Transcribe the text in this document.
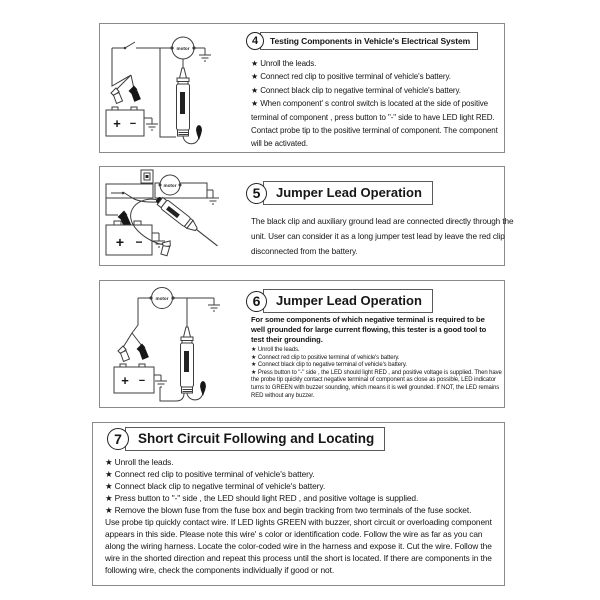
motor
+ −
4	Testing Components in Vehicle's Electrical System
★ Unroll the leads.
★ Connect red clip to positive terminal of vehicle's battery.
★ Connect black clip to negative terminal of vehicle's battery.
★ When component' s control switch is located at the side of positive terminal of component , press button to "-" side to have LED light RED. Contact probe tip to the positive terminal of component. The component will be activated.
motor
+ −
5	Jumper Lead Operation
The black clip and auxiliary ground lead are connected directly through the unit. User can consider it as a long jumper test lead by leave the red clip disconnected from the battery.
motor
+ −
6	Jumper Lead Operation
For some components of which negative terminal is required to be well grounded for large current flowing, this tester is a good tool to test their grounding.
★ Unroll the leads.
★ Connect red clip to positive terminal of vehicle's battery.
★ Connect black clip to negative terminal of vehicle's battery.
★ Press button to "-" side , the LED should light RED , and positive voltage is supplied. Then have the probe tip quickly contact negative terminal of component as close as possible, LED indicator turns to GREEN with buzzer sounding, which means it is well grounded. If NOT, the LED remains RED without any buzzer.
7	Short Circuit Following and Locating
★ Unroll the leads.
★ Connect red clip to positive terminal of vehicle's battery.
★ Connect black clip to negative terminal of vehicle's battery.
★ Press button to "-" side , the LED should light RED , and positive voltage is supplied.
★ Remove the blown fuse from the fuse box and begin tracking from two terminals of the fuse socket.
Use probe tip quickly contact wire. If LED lights GREEN with buzzer, short circuit or overloading component appears in this side. Please note this wire' s color or identification code. Follow the wire as far as you can along the wiring harness. Locate the color-coded wire in the harness and expose it. Cut the wire. Follow the wire in the shorted direction and repeat this process until the short is located. If there are components in the following wire, check the components individually if good or not.
